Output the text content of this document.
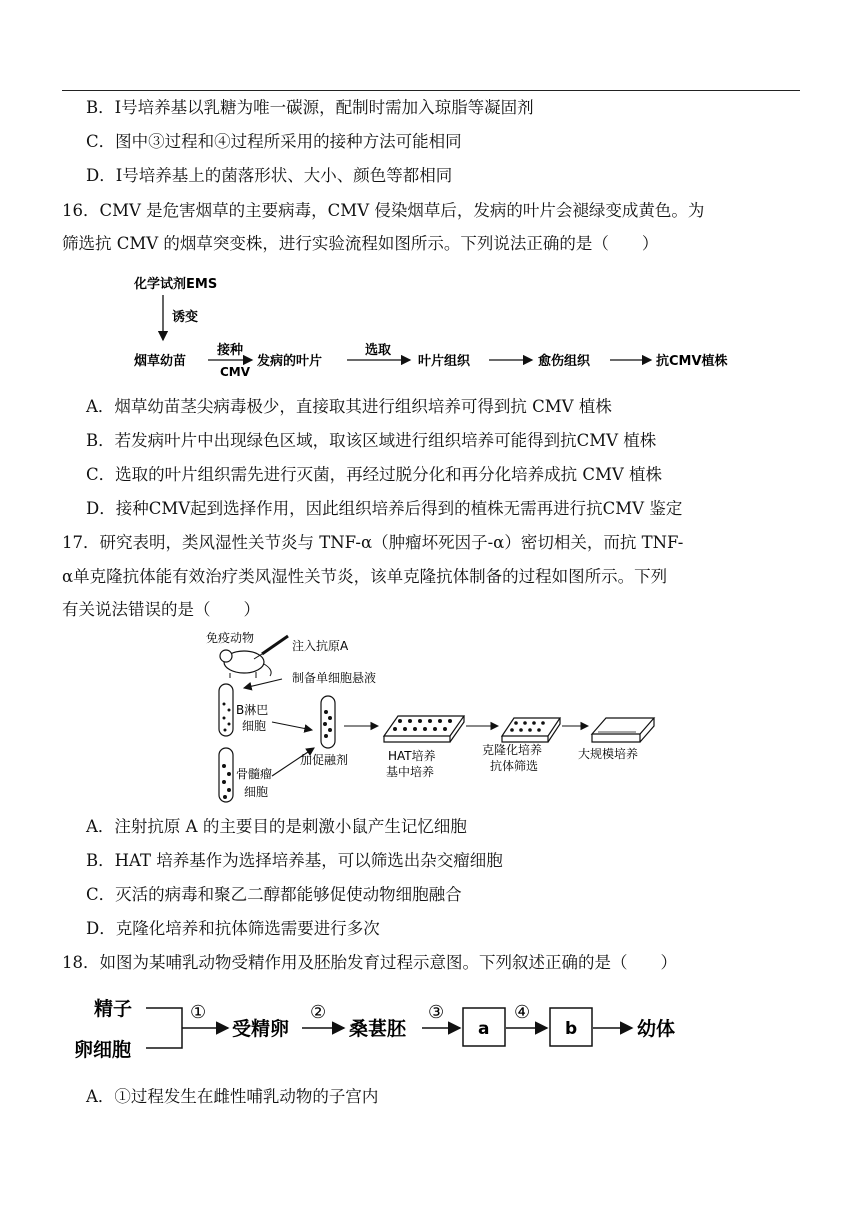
B．Ⅰ号培养基以乳糖为唯一碳源，配制时需加入琼脂等凝固剂
C．图中③过程和④过程所采用的接种方法可能相同
D．Ⅰ号培养基上的菌落形状、大小、颜色等都相同
16．CMV 是危害烟草的主要病毒，CMV 侵染烟草后，发病的叶片会褪绿变成黄色。为
筛选抗 CMV 的烟草突变株，进行实验流程如图所示。下列说法正确的是（　　）
化学试剂EMS
诱变
烟草幼苗
接种
CMV
发病的叶片
选取
叶片组织	愈伤组织	抗CMV植株
A．烟草幼苗茎尖病毒极少，直接取其进行组织培养可得到抗 CMV 植株
B．若发病叶片中出现绿色区域，取该区域进行组织培养可能得到抗CMV 植株
C．选取的叶片组织需先进行灭菌，再经过脱分化和再分化培养成抗 CMV 植株
D．接种CMV起到选择作用，因此组织培养后得到的植株无需再进行抗CMV 鉴定
17．研究表明，类风湿性关节炎与 TNF-α（肿瘤坏死因子-α）密切相关，而抗 TNF-
α单克隆抗体能有效治疗类风湿性关节炎，该单克隆抗体制备的过程如图所示。下列
有关说法错误的是（　　）
免疫动物
注入抗原A
制备单细胞悬液
B淋巴
细胞
骨髓瘤
细胞
加促融剂	HAT培养
基中培养
克隆化培养
抗体筛选
大规模培养
A．注射抗原 A 的主要目的是刺激小鼠产生记忆细胞
B．HAT 培养基作为选择培养基，可以筛选出杂交瘤细胞
C．灭活的病毒和聚乙二醇都能够促使动物细胞融合
D．克隆化培养和抗体筛选需要进行多次
18．如图为某哺乳动物受精作用及胚胎发育过程示意图。下列叙述正确的是（　　）
精子
卵细胞
①
受精卵
②
桑葚胚
③
a
④
b	幼体
A．①过程发生在雌性哺乳动物的子宫内
